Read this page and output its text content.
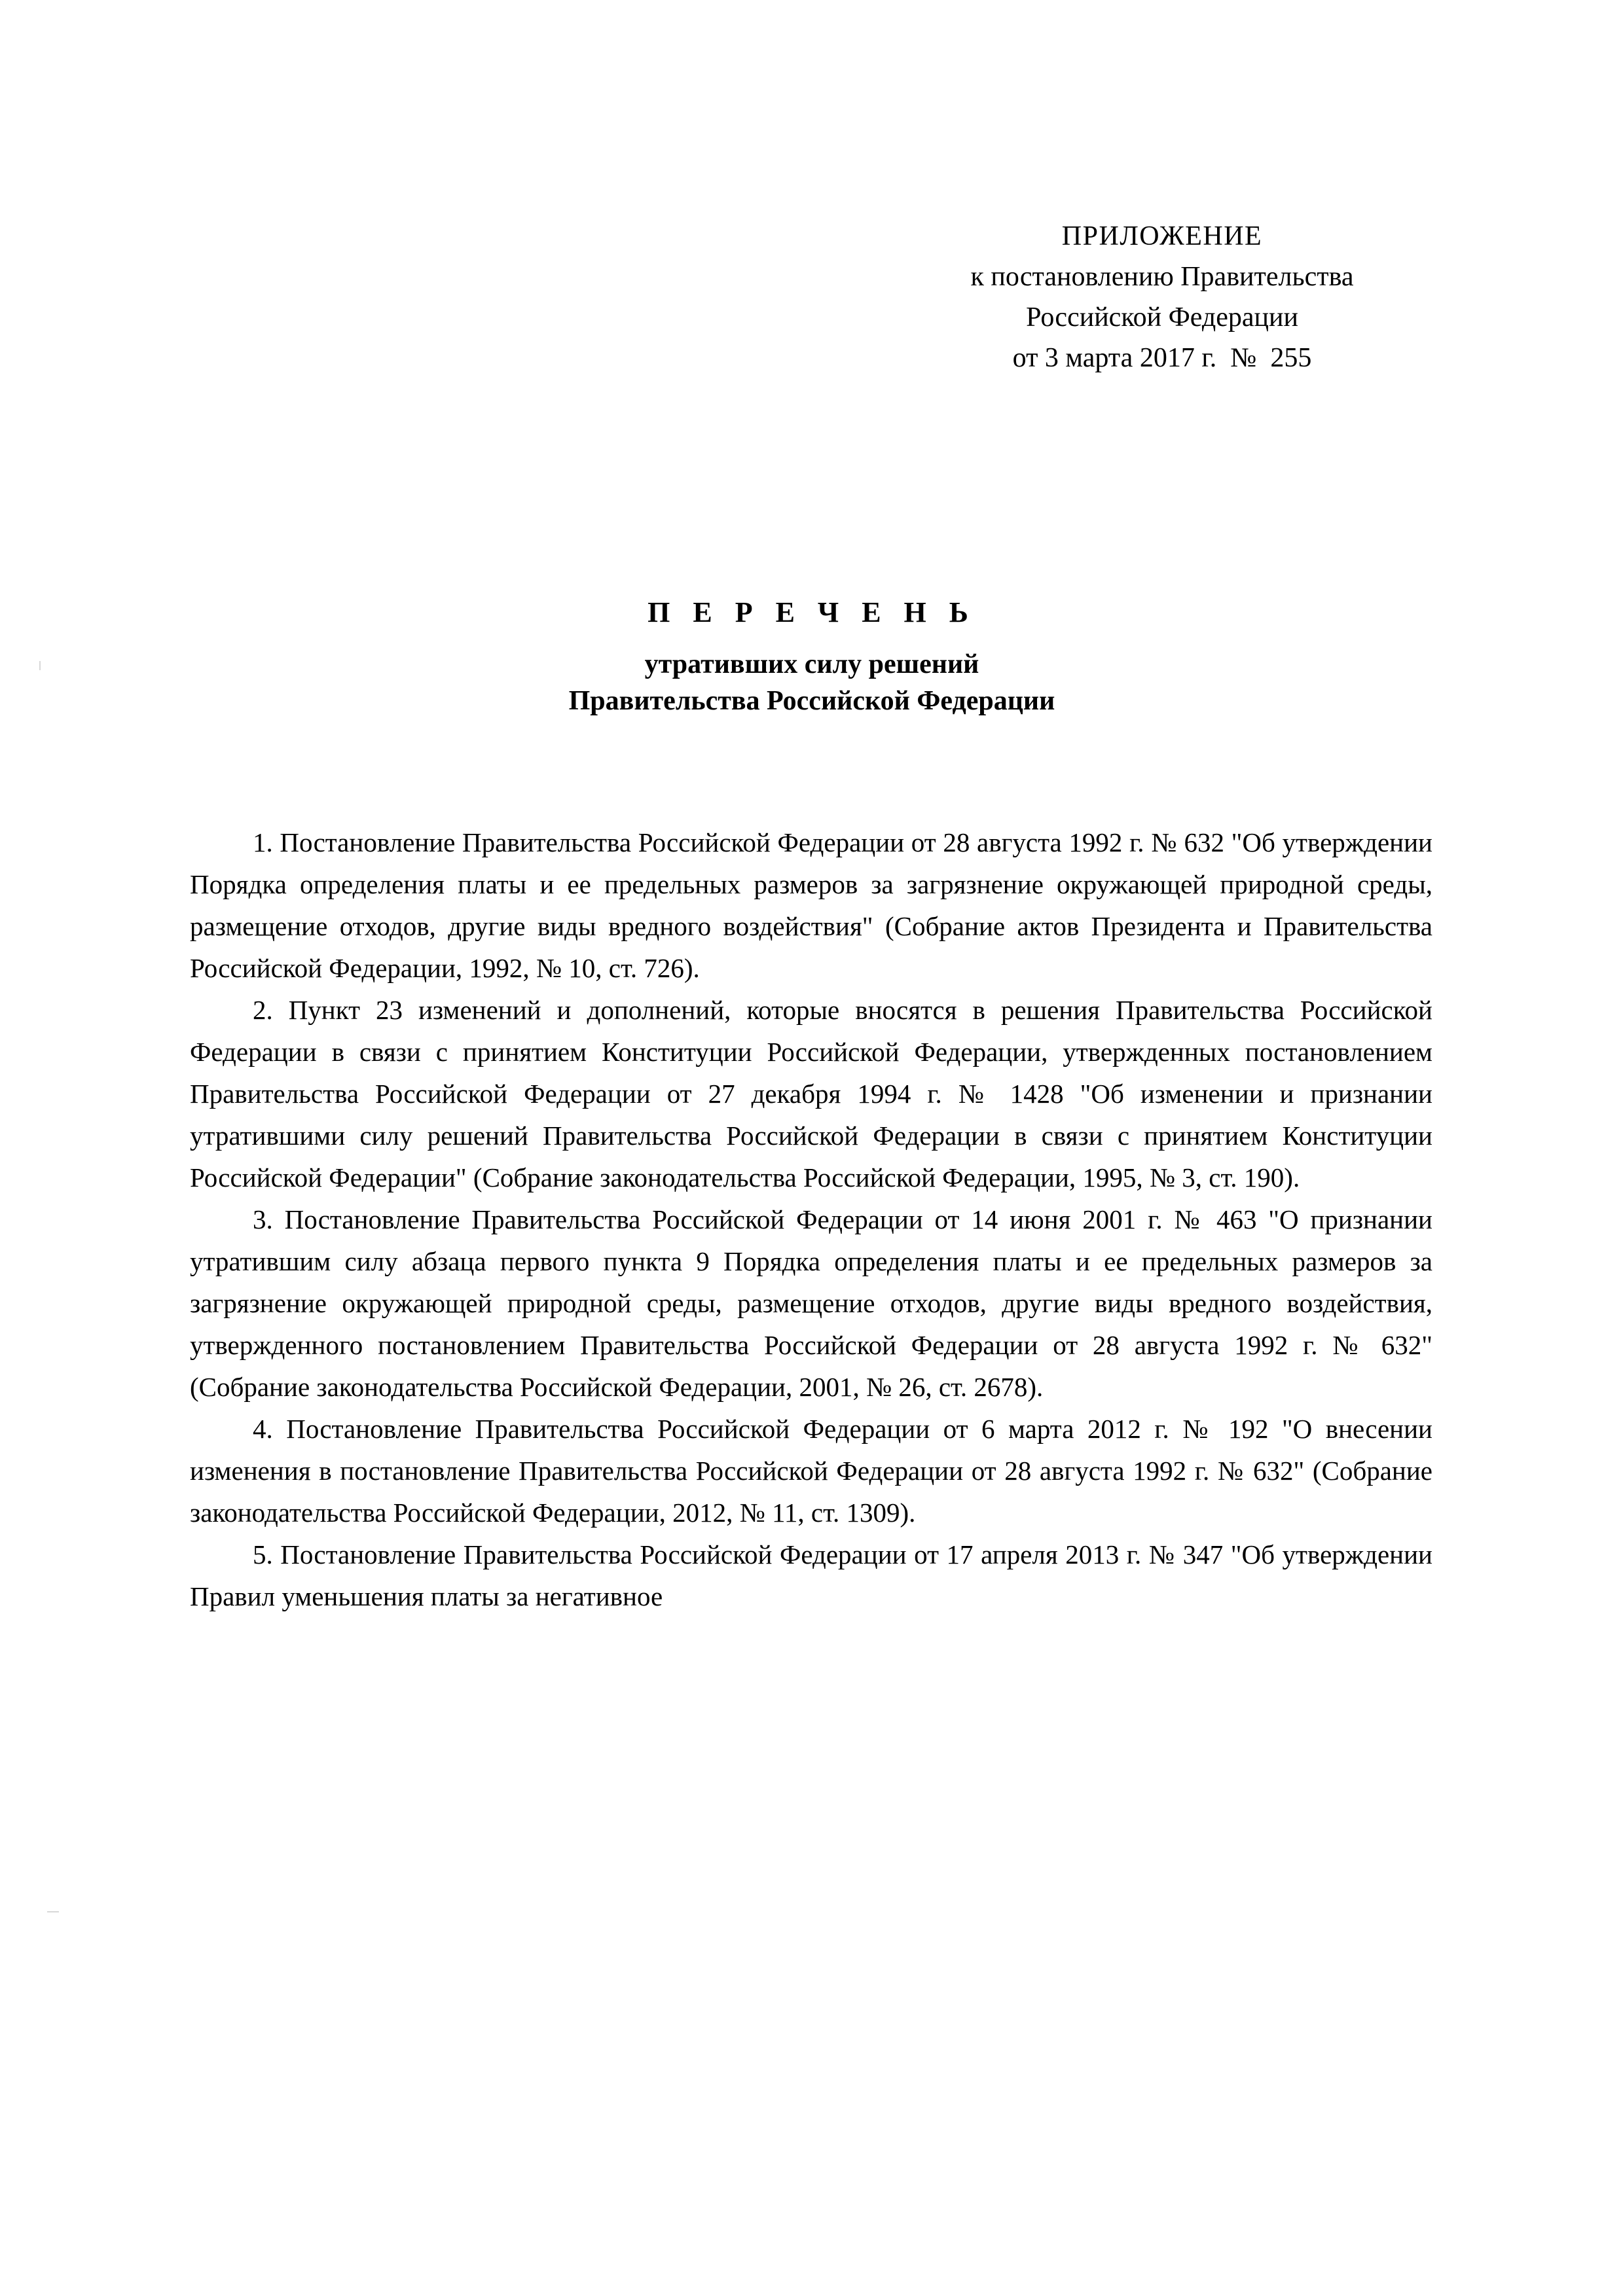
ПРИЛОЖЕНИЕ
к постановлению Правительства
Российской Федерации
от 3 марта 2017 г.  №  255
П Е Р Е Ч Е Н Ь
утративших силу решений
Правительства Российской Федерации

1. Постановление Правительства Российской Федерации от 28 августа 1992 г. № 632 "Об утверждении Порядка определения платы и ее предельных размеров за загрязнение окружающей природной среды, размещение отходов, другие виды вредного воздействия" (Собрание актов Президента и Правительства Российской Федерации, 1992, № 10, ст. 726).

2. Пункт 23 изменений и дополнений, которые вносятся в решения Правительства Российской Федерации в связи с принятием Конституции Российской Федерации, утвержденных постановлением Правительства Российской Федерации от 27 декабря 1994 г. № 1428 "Об изменении и признании утратившими силу решений Правительства Российской Федерации в связи с принятием Конституции Российской Федерации" (Собрание законодательства Российской Федерации, 1995, № 3, ст. 190).

3. Постановление Правительства Российской Федерации от 14 июня 2001 г. № 463 "О признании утратившим силу абзаца первого пункта 9 Порядка определения платы и ее предельных размеров за загрязнение окружающей природной среды, размещение отходов, другие виды вредного воздействия, утвержденного постановлением Правительства Российской Федерации от 28 августа 1992 г. № 632" (Собрание законодательства Российской Федерации, 2001, № 26, ст. 2678).

4. Постановление Правительства Российской Федерации от 6 марта 2012 г. № 192 "О внесении изменения в постановление Правительства Российской Федерации от 28 августа 1992 г. № 632" (Собрание законодательства Российской Федерации, 2012, № 11, ст. 1309).

5. Постановление Правительства Российской Федерации от 17 апреля 2013 г. № 347 "Об утверждении Правил уменьшения платы за негативное
